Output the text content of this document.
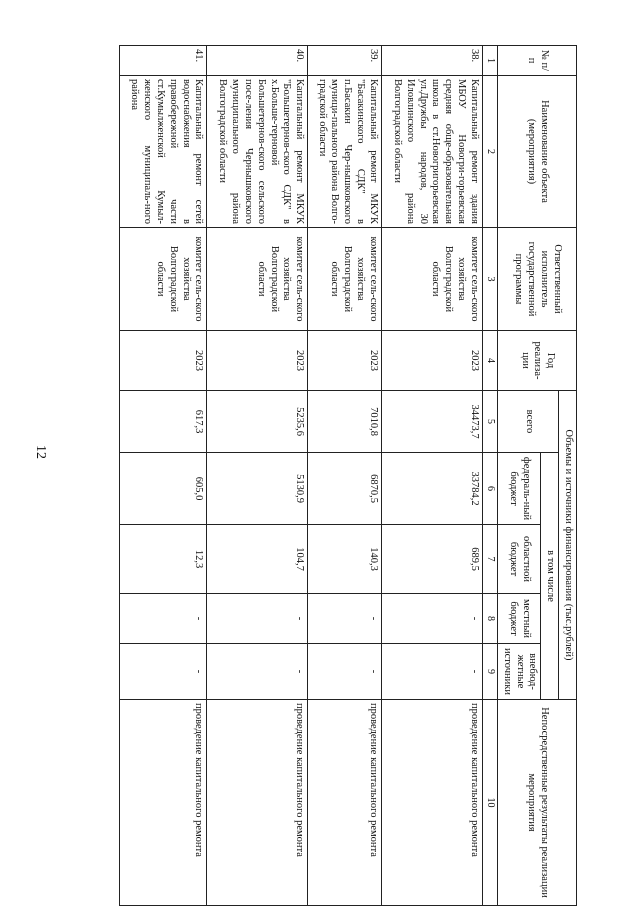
12
№ п/п	Наименование объекта (мероприятия)	Ответственный исполнитель государственной программы	Год реализа-ции	Объемы и источники финансирования (тыс.рублей)					Непосредственные результаты реализации мероприятия
				всего	в том числе				
					федераль-ный бюджет	областной бюджет	местный бюджет	внебюд-жетные источники	
1	2	3	4	5	6	7	8	9	10
38.	Капитальный ремонт здания МБОУ Новогри-горьевская средняя обще-образовательная школа в ст.Новогригорьевская ул.Дружбы народов, 30 Иловлинского района Волгоградской области	комитет сель-ского хозяйства Волгоградской области	2023	34473,7	33784,2	689,5	-	-	проведение капитального ремонта
39.	Капитальный ремонт МКУК "Басакинского СДК" в п.Басакин Чер-нышковского муници-пального района Волго-градской области	комитет сель-ского хозяйства Волгоградской области	2023	7010,8	6870,5	140,3	-	-	проведение капитального ремонта
40.	Капитальный ремонт МКУК "Большетернов-ского СДК" в х.Больше-терновой Большетернов-ского сельского посе-ления Чернышковского муниципального района Волгоградской области	комитет сель-ского хозяйства Волгоградской области	2023	5235,6	5130,9	104,7	-	-	проведение капитального ремонта
41.	Капитальный ремонт сетей водоснабжения в правобережной части ст.Кумылженской Кумыл-женского муниципаль-ного района	комитет сель-ского хозяйства Волгоградской области	2023	617,3	605,0	12,3	-	-	проведение капитального ремонта
